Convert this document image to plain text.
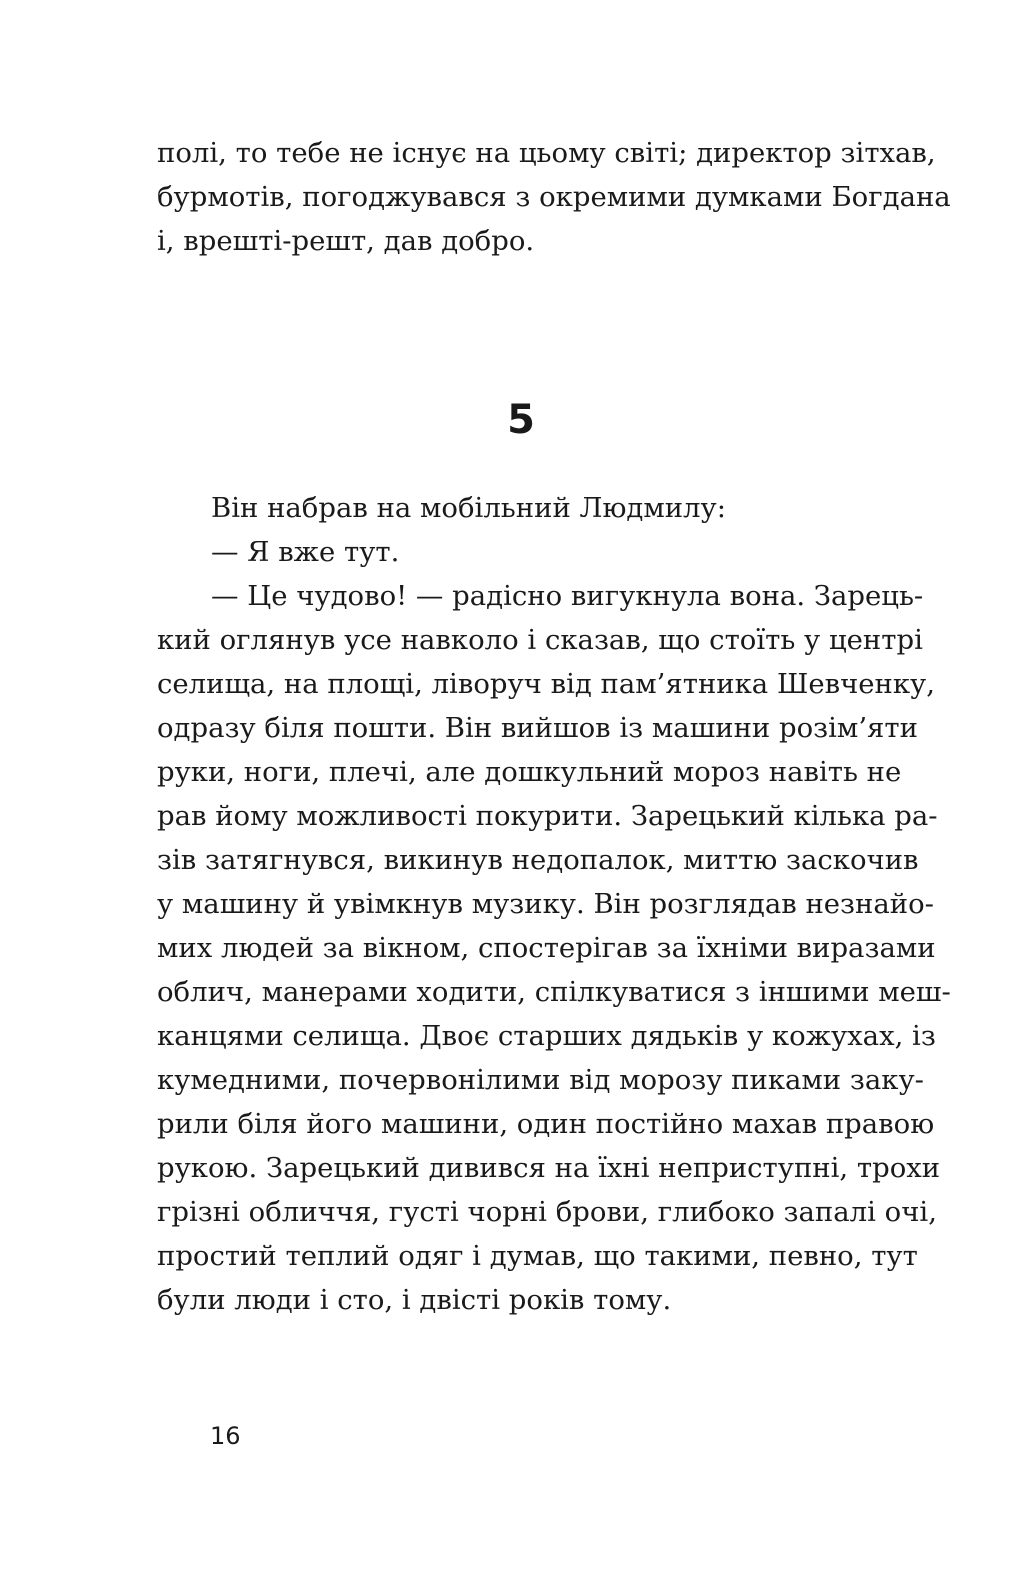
полі, то тебе не існує на цьому світі; директор зітхав,
бурмотів, погоджувався з окремими думками Богдана
і, врешті-решт, дав добро.
5
Він набрав на мобільний Людмилу:
— Я вже тут.
— Це чудово! — радісно вигукнула вона. Зарець-
кий оглянув усе навколо і сказав, що стоїть у центрі
селища, на площі, ліворуч від пам’ятника Шевченку,
одразу біля пошти. Він вийшов із машини розім’яти
руки, ноги, плечі, але дошкульний мороз навіть не
рав йому можливості покурити. Зарецький кілька ра-
зів затягнувся, викинув недопалок, миттю заскочив
у машину й увімкнув музику. Він розглядав незнайо-
мих людей за вікном, спостерігав за їхніми виразами
облич, манерами ходити, спілкуватися з іншими меш-
канцями селища. Двоє старших дядьків у кожухах, із
кумедними, почервонілими від морозу пиками заку-
рили біля його машини, один постійно махав правою
рукою. Зарецький дивився на їхні неприступні, трохи
грізні обличчя, густі чорні брови, глибоко запалі очі,
простий теплий одяг і думав, що такими, певно, тут
були люди і сто, і двісті років тому.
16
